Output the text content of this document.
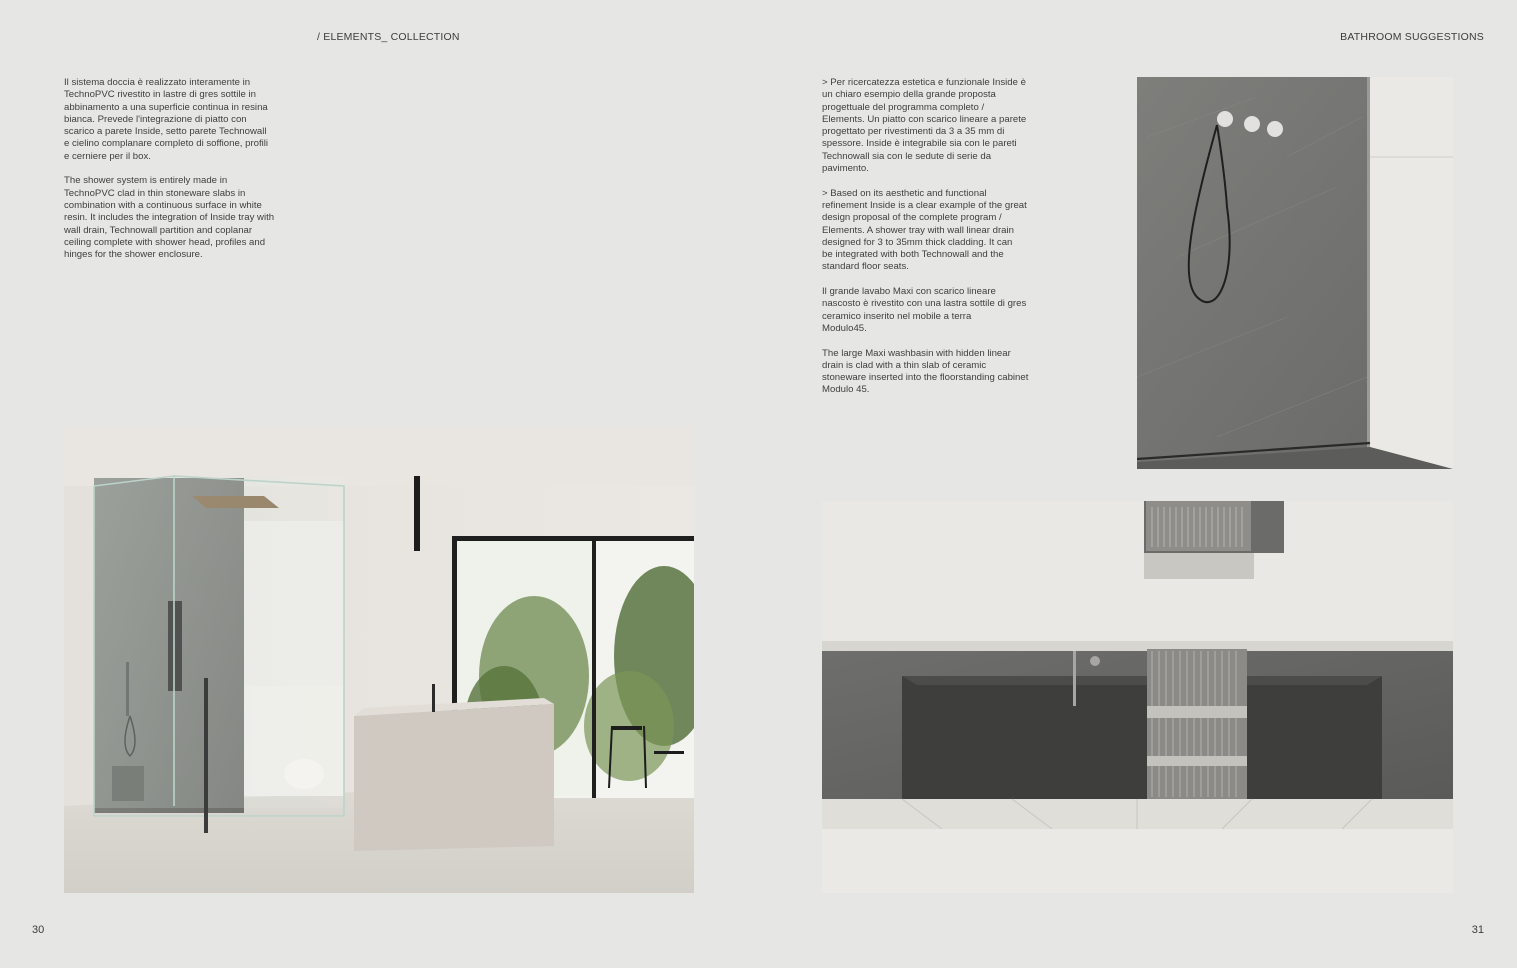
/ ELEMENTS_ COLLECTION	BATHROOM SUGGESTIONS

Il sistema doccia è realizzato interamente in
TechnoPVC rivestito in lastre di gres sottile in
abbinamento a una superficie continua in resina
bianca. Prevede l'integrazione di piatto con
scarico a parete Inside, setto parete Technowall
e cielino complanare completo di soffione, profili
e cerniere per il box.

The shower system is entirely made in
TechnoPVC clad in thin stoneware slabs in
combination with a continuous surface in white
resin. It includes the integration of Inside tray with
wall drain, Technowall partition and coplanar
ceiling complete with shower head, profiles and
hinges for the shower enclosure.

> Per ricercatezza estetica e funzionale Inside è
un chiaro esempio della grande proposta
progettuale del programma completo /
Elements. Un piatto con scarico lineare a parete
progettato per rivestimenti da 3 a 35 mm di
spessore. Inside è integrabile sia con le pareti
Technowall sia con le sedute di serie da
pavimento.

> Based on its aesthetic and functional
refinement Inside is a clear example of the great
design proposal of the complete program /
Elements. A shower tray with wall linear drain
designed for 3 to 35mm thick cladding. It can
be integrated with both Technowall and the
standard floor seats.

Il grande lavabo Maxi con scarico lineare
nascosto è rivestito con una lastra sottile di gres
ceramico inserito nel mobile a terra
Modulo45.

The large Maxi washbasin with hidden linear
drain is clad with a thin slab of ceramic
stoneware inserted into the floorstanding cabinet
Modulo 45.

30	31
